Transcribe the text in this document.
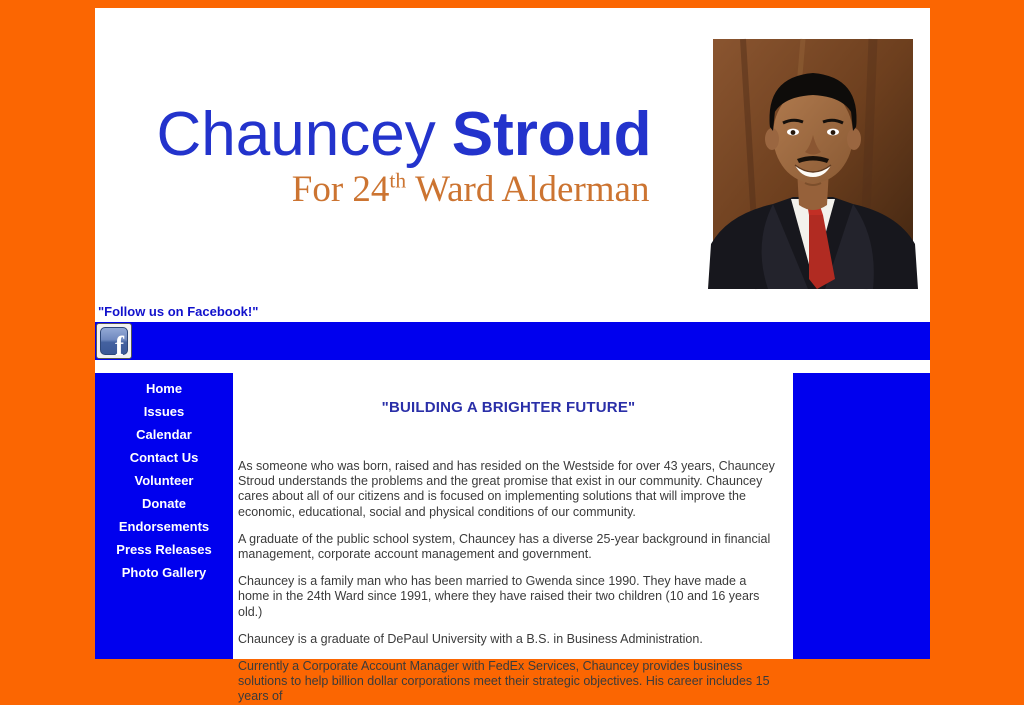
Chauncey Stroud
For 24th Ward Alderman
"Follow us on Facebook!"
f
Home
Issues
Calendar
Contact Us
Volunteer
Donate
Endorsements
Press Releases
Photo Gallery
"BUILDING A BRIGHTER FUTURE"

As someone who was born, raised and has resided on the Westside for over 43 years, Chauncey Stroud understands the problems and the great promise that exist in our community. Chauncey cares about all of our citizens and is focused on implementing solutions that will improve the economic, educational, social and physical conditions of our community.

A graduate of the public school system, Chauncey has a diverse 25-year background in financial management, corporate account management and government.

Chauncey is a family man who has been married to Gwenda since 1990. They have made a home in the 24th Ward since 1991, where they have raised their two children (10 and 16 years old.)

Chauncey is a graduate of DePaul University with a B.S. in Business Administration.

Currently a Corporate Account Manager with FedEx Services, Chauncey provides business solutions to help billion dollar corporations meet their strategic objectives. His career includes 15 years of
